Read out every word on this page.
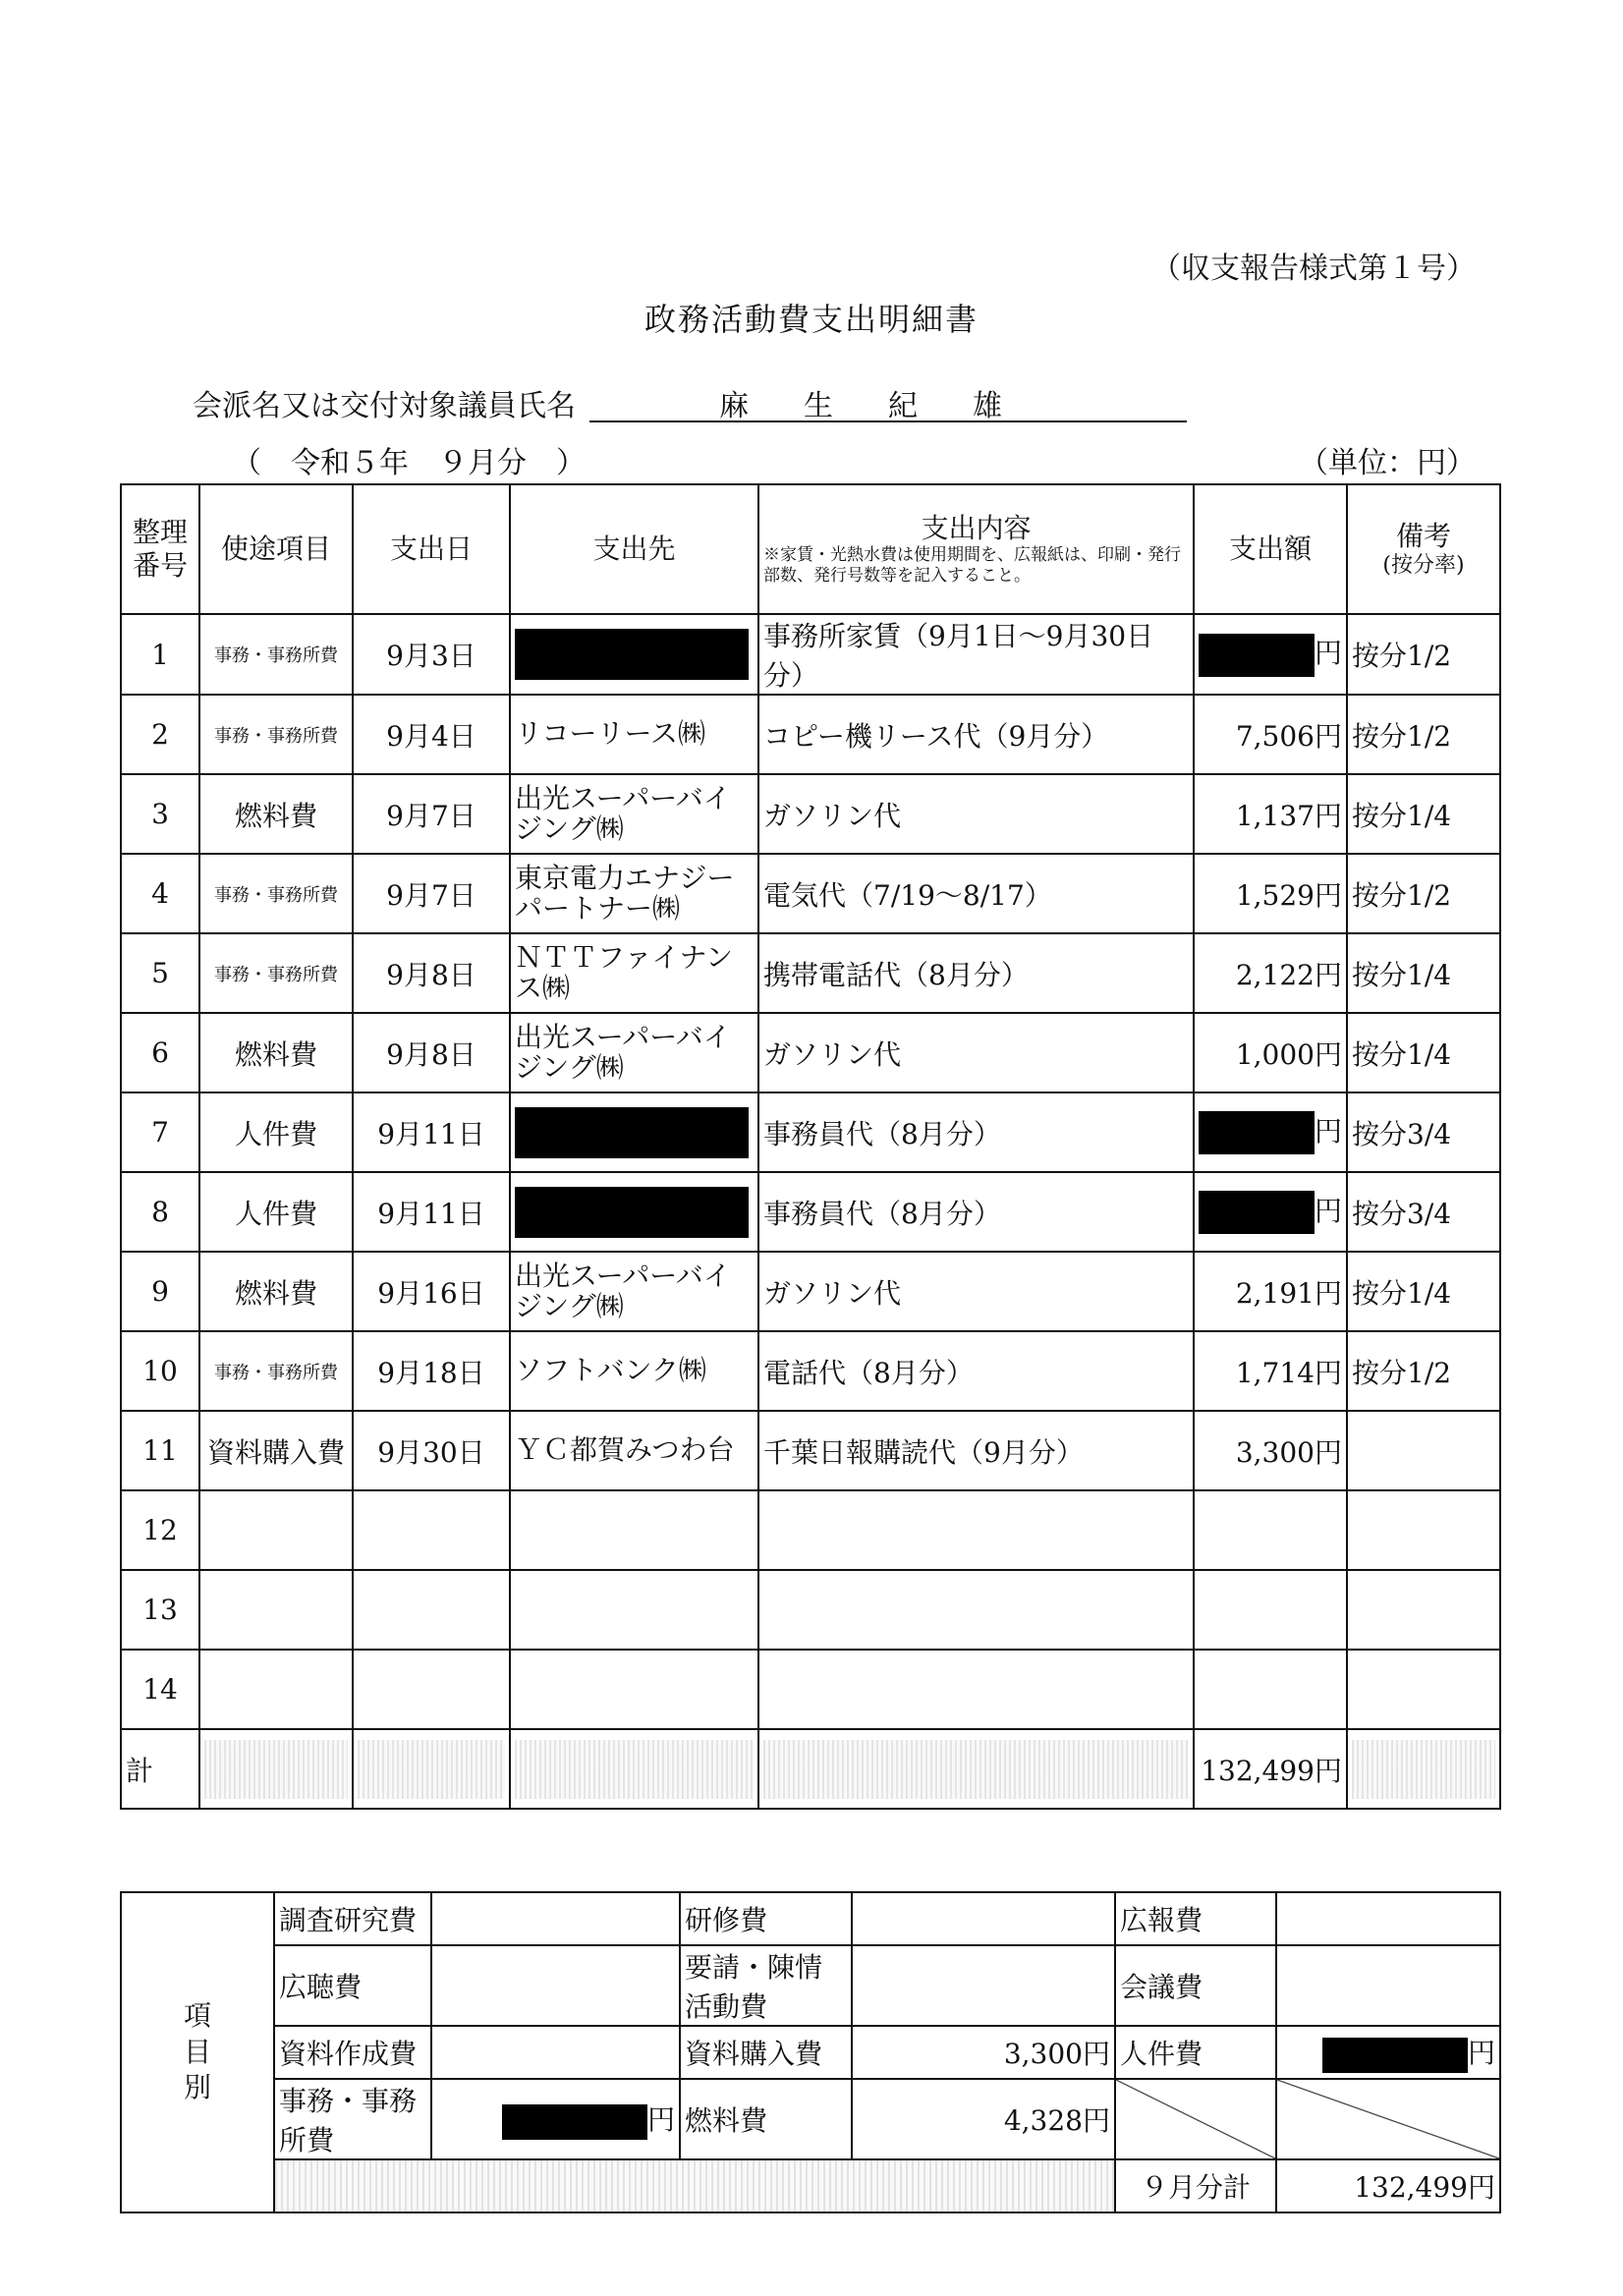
（収支報告様式第１号）
政務活動費支出明細書
会派名又は交付対象議員氏名	麻生紀雄
（　令和５年　９月分　）	（単位：円）
整理番号	使途項目	支出日	支出先	支出内容
※家賃・光熱水費は使用期間を、広報紙は、印刷・発行部数、発行号数等を記入すること。	支出額	備考
(按分率)

1	事務・事務所費	9月3日		事務所家賃（9月1日～9月30日分）	円	按分1/2
2	事務・事務所費	9月4日	リコーリース㈱	コピー機リース代（9月分）	7,506円	按分1/2
3	燃料費	9月7日	出光スーパーバイジング㈱	ガソリン代	1,137円	按分1/4
4	事務・事務所費	9月7日	東京電力エナジーパートナー㈱	電気代（7/19～8/17）	1,529円	按分1/2
5	事務・事務所費	9月8日	ＮＴＴファイナンス㈱	携帯電話代（8月分）	2,122円	按分1/4
6	燃料費	9月8日	出光スーパーバイジング㈱	ガソリン代	1,000円	按分1/4
7	人件費	9月11日		事務員代（8月分）	円	按分3/4
8	人件費	9月11日		事務員代（8月分）	円	按分3/4
9	燃料費	9月16日	出光スーパーバイジング㈱	ガソリン代	2,191円	按分1/4
10	事務・事務所費	9月18日	ソフトバンク㈱	電話代（8月分）	1,714円	按分1/2
11	資料購入費	9月30日	ＹＣ都賀みつわ台	千葉日報購読代（9月分）	3,300円	
12						
13						
14						
計					132,499円	
項目別	調査研究費		研修費		広報費	
	広聴費		要請・陳情活動費		会議費	
	資料作成費		資料購入費	3,300円	人件費	円
	事務・事務所費	円	燃料費	4,328円		
					９月分計	132,499円
